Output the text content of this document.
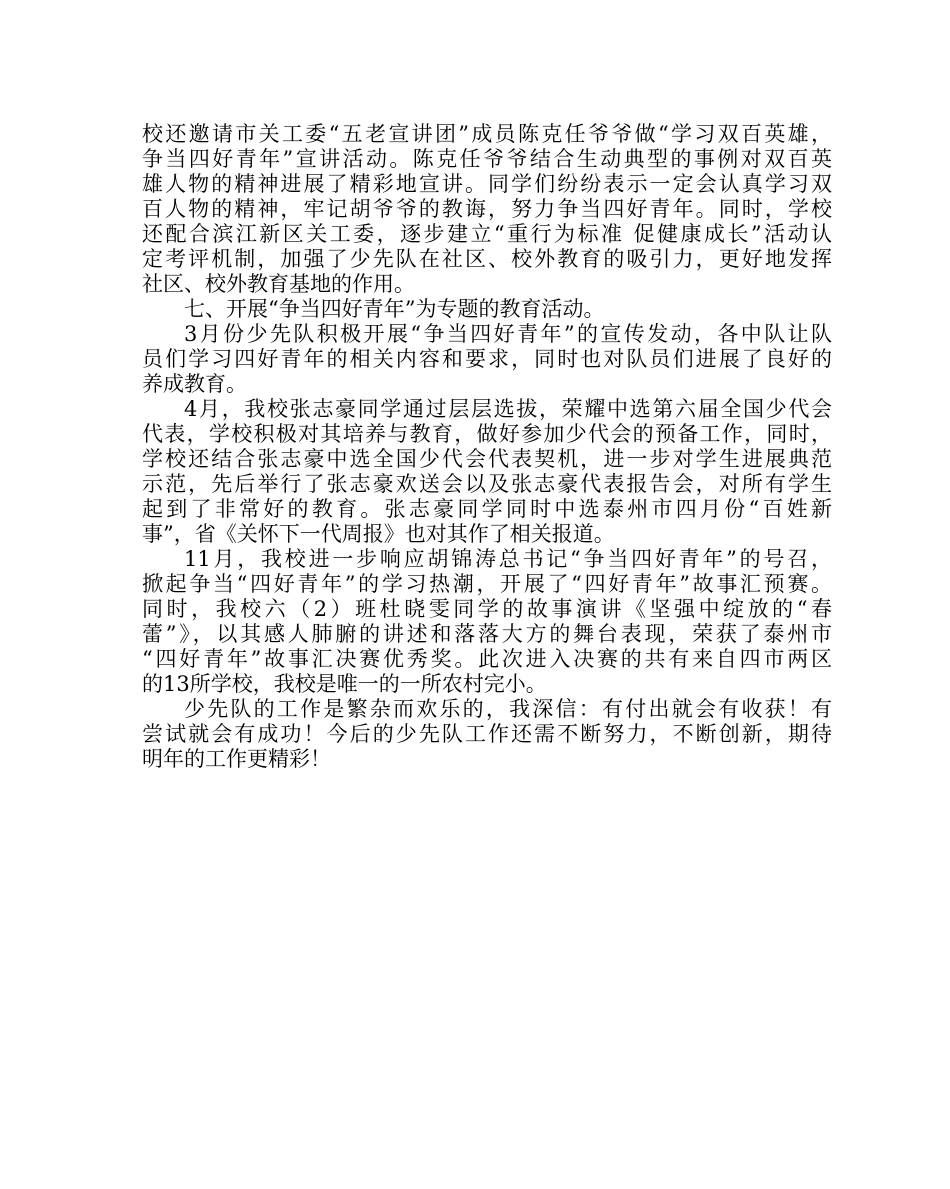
校还邀请市关工委“五老宣讲团”成员陈克任爷爷做“学习双百英雄，
争当四好青年”宣讲活动。陈克任爷爷结合生动典型的事例对双百英
雄人物的精神进展了精彩地宣讲。同学们纷纷表示一定会认真学习双
百人物的精神，牢记胡爷爷的教诲，努力争当四好青年。同时，学校
还配合滨江新区关工委，逐步建立“重行为标准 促健康成长”活动认
定考评机制，加强了少先队在社区、校外教育的吸引力，更好地发挥
社区、校外教育基地的作用。
七、开展“争当四好青年”为专题的教育活动。
3月份少先队积极开展“争当四好青年”的宣传发动，各中队让队
员们学习四好青年的相关内容和要求，同时也对队员们进展了良好的
养成教育。
4月，我校张志豪同学通过层层选拔，荣耀中选第六届全国少代会
代表，学校积极对其培养与教育，做好参加少代会的预备工作，同时，
学校还结合张志豪中选全国少代会代表契机，进一步对学生进展典范
示范，先后举行了张志豪欢送会以及张志豪代表报告会，对所有学生
起到了非常好的教育。张志豪同学同时中选泰州市四月份“百姓新
事”，省《关怀下一代周报》也对其作了相关报道。
11月，我校进一步响应胡锦涛总书记“争当四好青年”的号召，
掀起争当“四好青年”的学习热潮，开展了“四好青年”故事汇预赛。
同时，我校六（2）班杜晓雯同学的故事演讲《坚强中绽放的“春
蕾”》，以其感人肺腑的讲述和落落大方的舞台表现，荣获了泰州市
“四好青年”故事汇决赛优秀奖。此次进入决赛的共有来自四市两区
的13所学校，我校是唯一的一所农村完小。
少先队的工作是繁杂而欢乐的，我深信：有付出就会有收获！有
尝试就会有成功！今后的少先队工作还需不断努力，不断创新，期待
明年的工作更精彩！
